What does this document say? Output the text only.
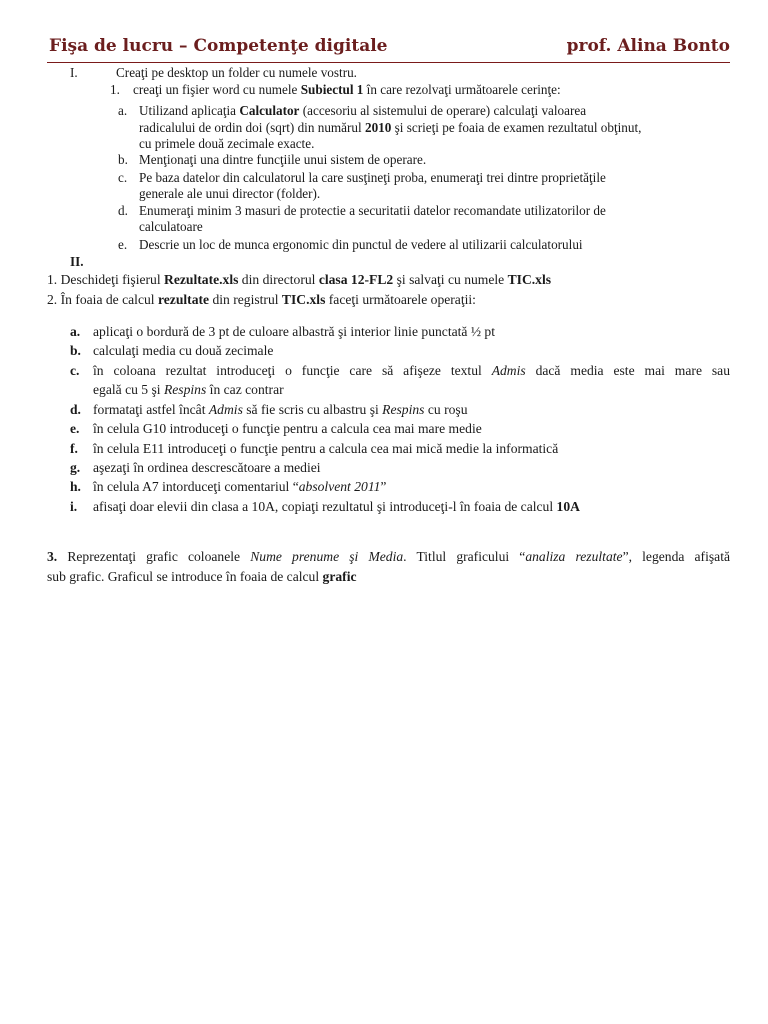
Fişa de lucru – Competenţe digitale	prof. Alina Bonto
I.	Creaţi pe desktop un folder cu numele vostru.
1. creaţi un fişier word cu numele Subiectul 1 în care rezolvaţi următoarele cerinţe:
a. Utilizand aplicaţia Calculator (accesoriu al sistemului de operare) calculaţi valoarea
radicalului de ordin doi (sqrt) din numărul 2010 şi scrieţi pe foaia de examen rezultatul obţinut,
cu primele două zecimale exacte.
b. Menţionaţi una dintre funcţiile unui sistem de operare.
c. Pe baza datelor din calculatorul la care susţineţi proba, enumeraţi trei dintre proprietăţile
generale ale unui director (folder).
d. Enumeraţi minim 3 masuri de protectie a securitatii datelor recomandate utilizatorilor de
calculatoare
e. Descrie un loc de munca ergonomic din punctul de vedere al utilizarii calculatorului
II.
1. Deschideţi fişierul Rezultate.xls din directorul clasa 12-FL2 şi salvaţi cu numele TIC.xls
2. În foaia de calcul rezultate din registrul TIC.xls faceţi următoarele operaţii:
a. aplicaţi o bordură de 3 pt de culoare albastră şi interior linie punctată ½ pt
b. calculaţi media cu două zecimale
c. în coloana rezultat introduceţi o funcţie care să afişeze textul Admis dacă media este mai mare sau
egală cu 5 şi Respins în caz contrar
d. formataţi astfel încât Admis să fie scris cu albastru şi Respins cu roşu
e. în celula G10 introduceţi o funcţie pentru a calcula cea mai mare medie
f. în celula E11 introduceţi o funcţie pentru a calcula cea mai mică medie la informatică
g. aşezaţi în ordinea descrescătoare a mediei
h. în celula A7 intorduceţi comentariul “absolvent 2011”
i. afisaţi doar elevii din clasa a 10A, copiaţi rezultatul şi introduceţi-l în foaia de calcul 10A
3. Reprezentaţi grafic coloanele Nume prenume şi Media. Titlul graficului “analiza rezultate”, legenda afişată
sub grafic. Graficul se introduce în foaia de calcul grafic
